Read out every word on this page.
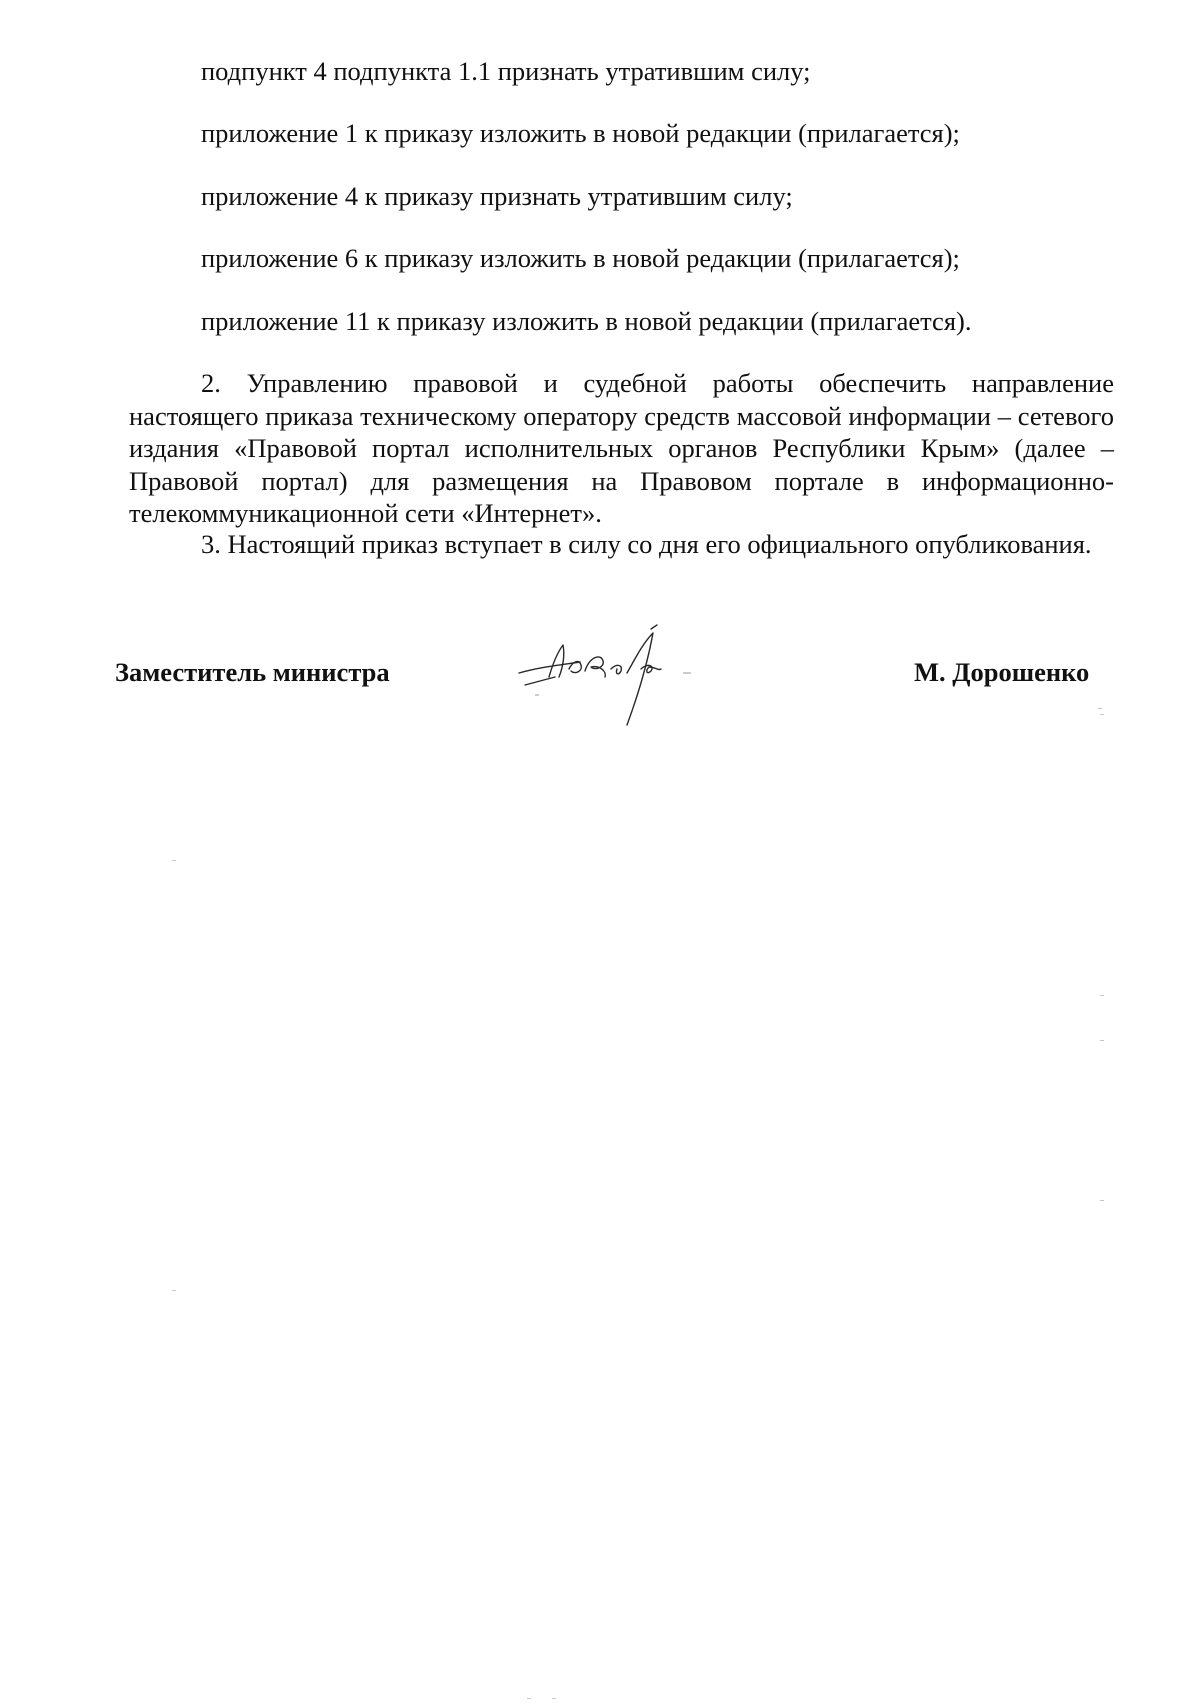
подпункт 4 подпункта 1.1 признать утратившим силу;
приложение 1 к приказу изложить в новой редакции (прилагается);
приложение 4 к приказу признать утратившим силу;
приложение 6 к приказу изложить в новой редакции (прилагается);
приложение 11 к приказу изложить в новой редакции (прилагается).

2. Управлению правовой и судебной работы обеспечить направление настоящего приказа техническому оператору средств массовой информации – сетевого издания «Правовой портал исполнительных органов Республики Крым» (далее – Правовой портал) для размещения на Правовом портале в информационно-телекоммуникационной сети «Интернет».

3. Настоящий приказ вступает в силу со дня его официального опубликования.

Заместитель министра	М. Дорошенко
